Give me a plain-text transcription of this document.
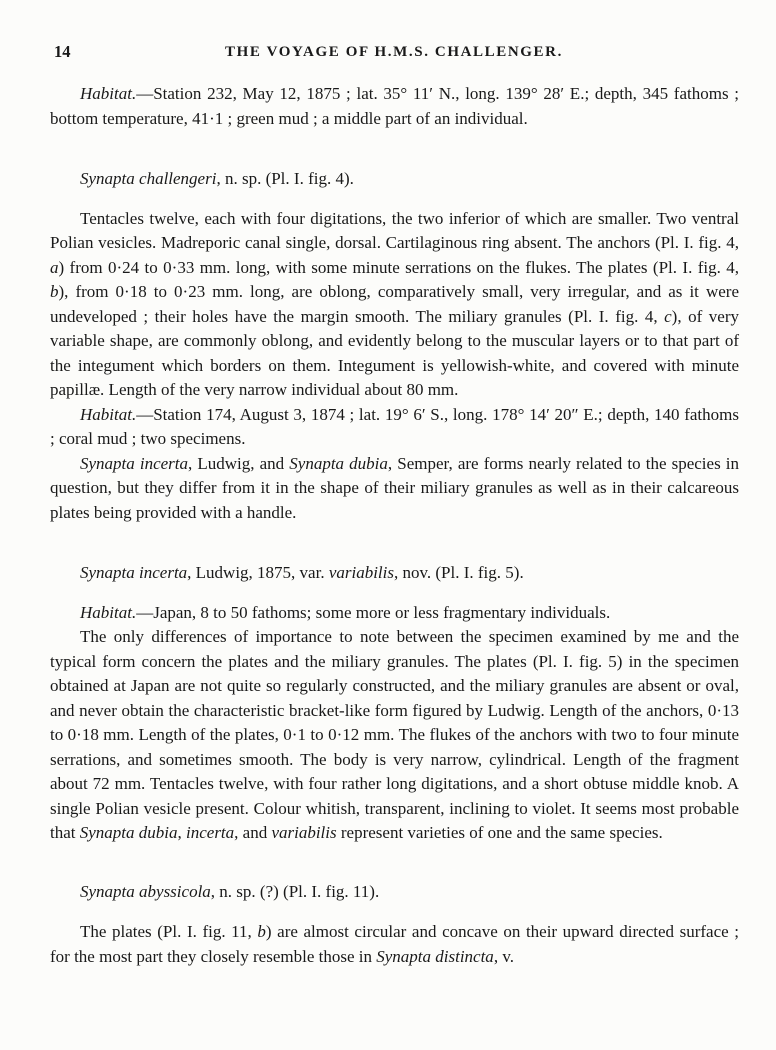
14	THE VOYAGE OF H.M.S. CHALLENGER.

Habitat.—Station 232, May 12, 1875 ; lat. 35° 11′ N., long. 139° 28′ E.; depth, 345 fathoms ; bottom temperature, 41·1 ; green mud ; a middle part of an individual.

Synapta challengeri, n. sp. (Pl. I. fig. 4).

Tentacles twelve, each with four digitations, the two inferior of which are smaller. Two ventral Polian vesicles. Madreporic canal single, dorsal. Cartilaginous ring absent. The anchors (Pl. I. fig. 4, a) from 0·24 to 0·33 mm. long, with some minute serrations on the flukes. The plates (Pl. I. fig. 4, b), from 0·18 to 0·23 mm. long, are oblong, comparatively small, very irregular, and as it were undeveloped ; their holes have the margin smooth. The miliary granules (Pl. I. fig. 4, c), of very variable shape, are commonly oblong, and evidently belong to the muscular layers or to that part of the integument which borders on them. Integument is yellowish-white, and covered with minute papillæ. Length of the very narrow individual about 80 mm.

Habitat.—Station 174, August 3, 1874 ; lat. 19° 6′ S., long. 178° 14′ 20″ E.; depth, 140 fathoms ; coral mud ; two specimens.

Synapta incerta, Ludwig, and Synapta dubia, Semper, are forms nearly related to the species in question, but they differ from it in the shape of their miliary granules as well as in their calcareous plates being provided with a handle.

Synapta incerta, Ludwig, 1875, var. variabilis, nov. (Pl. I. fig. 5).

Habitat.—Japan, 8 to 50 fathoms; some more or less fragmentary individuals.

The only differences of importance to note between the specimen examined by me and the typical form concern the plates and the miliary granules. The plates (Pl. I. fig. 5) in the specimen obtained at Japan are not quite so regularly constructed, and the miliary granules are absent or oval, and never obtain the characteristic bracket-like form figured by Ludwig. Length of the anchors, 0·13 to 0·18 mm. Length of the plates, 0·1 to 0·12 mm. The flukes of the anchors with two to four minute serrations, and sometimes smooth. The body is very narrow, cylindrical. Length of the fragment about 72 mm. Tentacles twelve, with four rather long digitations, and a short obtuse middle knob. A single Polian vesicle present. Colour whitish, transparent, inclining to violet. It seems most probable that Synapta dubia, incerta, and variabilis represent varieties of one and the same species.

Synapta abyssicola, n. sp. (?) (Pl. I. fig. 11).

The plates (Pl. I. fig. 11, b) are almost circular and concave on their upward directed surface ; for the most part they closely resemble those in Synapta distincta, v.
